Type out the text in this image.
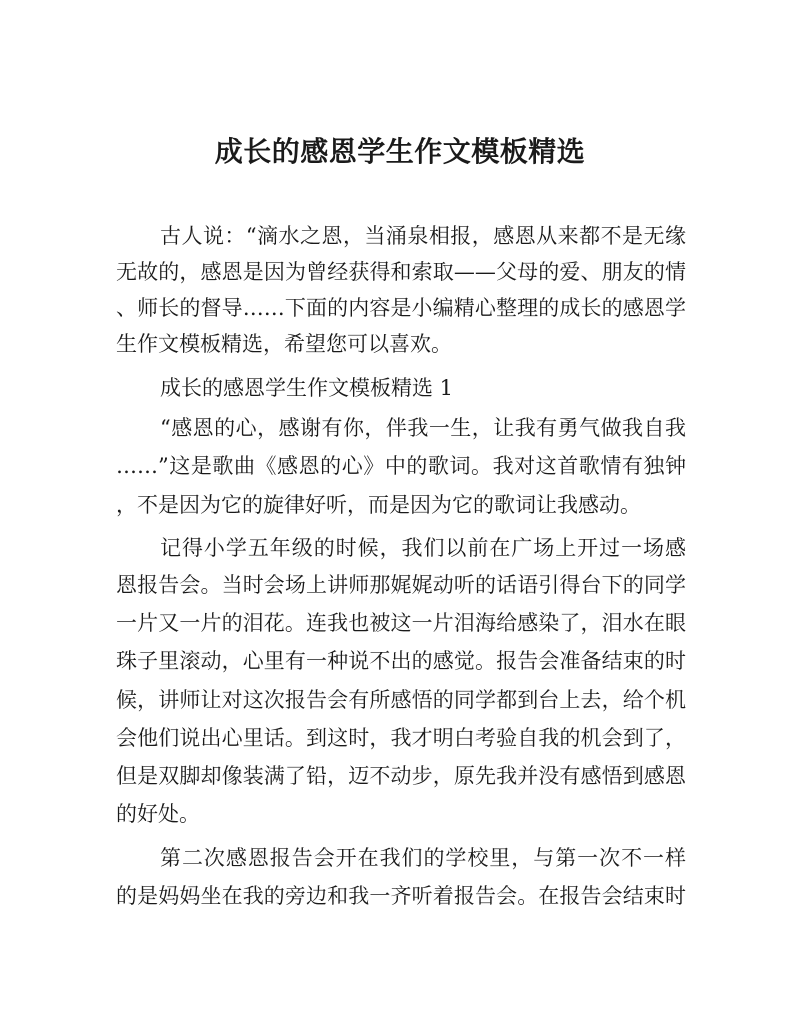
成长的感恩学生作文模板精选
古人说：“滴水之恩，当涌泉相报，感恩从来都不是无缘
无故的，感恩是因为曾经获得和索取——父母的爱、朋友的情
、师长的督导……下面的内容是小编精心整理的成长的感恩学
生作文模板精选，希望您可以喜欢。
成长的感恩学生作文模板精选 1
“感恩的心，感谢有你，伴我一生，让我有勇气做我自我
……”这是歌曲《感恩的心》中的歌词。我对这首歌情有独钟
，不是因为它的旋律好听，而是因为它的歌词让我感动。
记得小学五年级的时候，我们以前在广场上开过一场感
恩报告会。当时会场上讲师那娓娓动听的话语引得台下的同学
一片又一片的泪花。连我也被这一片泪海给感染了，泪水在眼
珠子里滚动，心里有一种说不出的感觉。报告会准备结束的时
候，讲师让对这次报告会有所感悟的同学都到台上去，给个机
会他们说出心里话。到这时，我才明白考验自我的机会到了，
但是双脚却像装满了铅，迈不动步，原先我并没有感悟到感恩
的好处。
第二次感恩报告会开在我们的学校里，与第一次不一样
的是妈妈坐在我的旁边和我一齐听着报告会。在报告会结束时
